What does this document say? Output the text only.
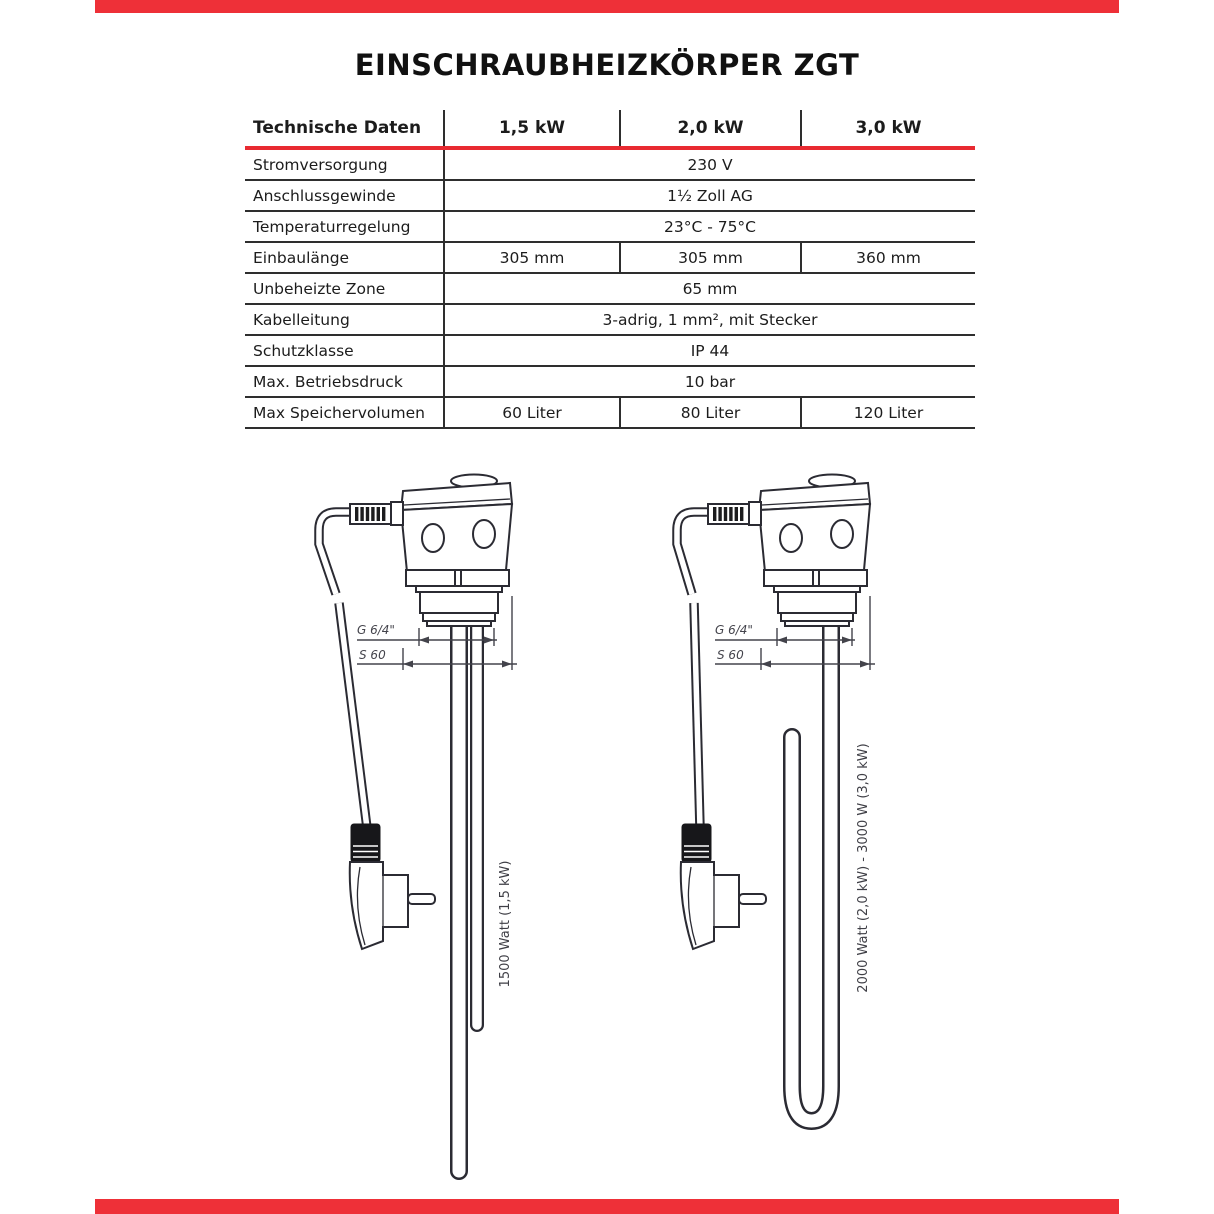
EINSCHRAUBHEIZKÖRPER ZGT
Technische Daten	1,5 kW	2,0 kW	3,0 kW
Stromversorgung	230 V
Anschlussgewinde	1½ Zoll AG
Temperaturregelung	23°C - 75°C
Einbaulänge	305 mm	305 mm	360 mm
Unbeheizte Zone	65 mm
Kabelleitung	3-adrig, 1 mm², mit Stecker
Schutzklasse	IP 44
Max. Betriebsdruck	10 bar
Max Speichervolumen	60 Liter	80 Liter	120 Liter
G 6/4"
S 60
G 6/4"
S 60
1500 Watt (1,5 kW)	2000 Watt (2,0 kW) - 3000 W (3,0 kW)
